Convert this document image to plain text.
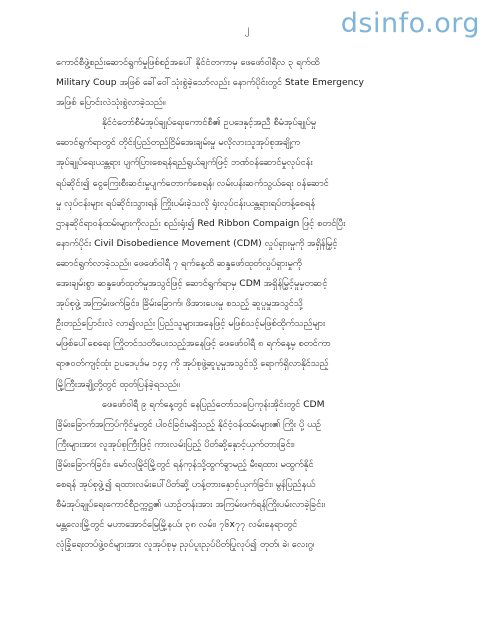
dsinfo.org
၂
ကောင်စီဖွဲ့စည်းဆောင်ရွက်မှုဖြစ်စဉ်အပေါ် နိုင်ငံတကာမှ ဖေဖော်ဝါရီလ ၃ ရက်ထိ
Military Coup အဖြစ် ခေါ်ဝေါ်သုံးစွဲခဲ့သော်လည်း နောက်ပိုင်းတွင် State Emergency
အဖြစ် ပြောင်းလဲသုံးစွဲလာခဲ့သည်။
နိုင်ငံတော်စီမံအုပ်ချုပ်ရေးကောင်စီ၏ ဥပဒေနှင့်အညီ စီမံအုပ်ချုပ်မှု
ဆောင်ရွက်ရာတွင် တိုင်းပြည်တည်ငြိမ်အေးချမ်းမှု မလိုလားသူအုပ်စုအချို့က
အုပ်ချုပ်ရေးယန္တရား ပျက်ပြားစေရန်ရည်ရွယ်ချက်ဖြင့် ဘဏ်ဝန်ဆောင်မှုလုပ်ငန်း
ရပ်ဆိုင်း၍ ငွေကြေးစီးဆင်းမှုပျက်တောက်စေရန်၊ လမ်းပန်းဆက်သွယ်ရေး ဝန်ဆောင်
မှု လုပ်ငန်းများ ရပ်ဆိုင်းသွားရန် ကြိုးပမ်းခဲ့သလို ရုံးလုပ်ငန်းယန္တရားရပ်တန့်စေရန်
ဌာနဆိုင်ရာဝန်ထမ်းများကိုလည်း စည်းရုံး၍ Red Ribbon Compaign ဖြင့် စတင်ပြီး
နောက်ပိုင်း Civil Disobedience Movement (CDM) လှုပ်ရှားမှုကို အရှိန်မြှင့်
ဆောင်ရွက်လာခဲ့သည်။ ဖေဖော်ဝါရီ ၇ ရက်နေ့ထိ ဆန္ဒဖော်ထုတ်လှုပ်ရှားမှုကို
အေးချမ်းစွာ ဆန္ဒဖော်ထုတ်မှုအသွင်ဖြင့် ဆောင်ရွက်ရာမှ CDM အရှိန်မြှင့်မှုမှတဆင့်
အုပ်စုဖွဲ့ အကြမ်းဖက်ခြင်း၊ ခြိမ်းခြောက်၊ ဖိအားပေးမှု စသည့် ဆူပူမှုအသွင်သို့
ဦးတည်ပြောင်းလဲ လာ၍လည်း ပြည်သူများအနေဖြင့် မဖြစ်သင့်မဖြစ်ထိုက်သည်များ
မဖြစ်ပေါ်စေရေး ကြိုတင်သတိပေးသည့်အနေဖြင့် ဖေဖော်ဝါရီ ၈ ရက်နေ့မှ စတင်ကာ
ရာဇဝတ်ကျင့်ထုံး ဥပဒေပုဒ်မ ၁၄၄ ကို အုပ်စုဖွဲ့ဆူပူမှုအသွင်သို့ ရောက်ရှိလာနိုင်သည့်
မြို့ကြီးအချို့တို့တွင် ထုတ်ပြန်ခဲ့ရသည်။
ဖေဖော်ဝါရီ ၉ ရက်နေ့တွင် နေပြည်တော်သပြေကုန်းအိုင်းတွင် CDM
ခြိမ်းခြောက်အကြပ်ကိုင်မှုတွင် ပါဝင်ခြင်းမရှိသည့် နိုင်ငံ့ဝန်ထမ်းများ၏ ကြိုး ပို့ ယဉ်
ကြီးများအား လူအုပ်စုကြီးဖြင့် ကားလမ်းပြည့် ပိတ်ဆို့နှောင့်ယှက်တားခြင်း၊
ခြိမ်းခြောက်ခြင်း၊ မော်လမြိုင်မြို့တွင် ရန်ကုန်သို့ထွက်ခွာမည့် မီးရထား မထွက်နိုင်
စေရန် အုပ်စုဖွဲ့၍ ရထားလမ်းပေါ်ပိတ်ဆို့ ဟန့်တားနှောင့်ယှက်ခြင်း၊ မွန်ပြည်နယ်
စီမံအုပ်ချုပ်ရေးကောင်စီဥက္ကဋ္ဌ၏ ယာဉ်တန်းအား အကြမ်းဖက်ရန်ကြိုးပမ်းလာခဲ့ခြင်း၊
မန္တလေးမြို့တွင် မဟာအောင်မြေမြို့နယ်၊ ၃၈ လမ်း၊ ၇၆x၇၇ လမ်းနေရာတွင်
လုံခြုံရေးတပ်ဖွဲ့ဝင်များအား လူအုပ်စုမှ ညှပ်ပူးညှပ်ပိတ်ပြုလုပ်၍ တုတ်၊ ခဲ၊ လေးဂွ၊
